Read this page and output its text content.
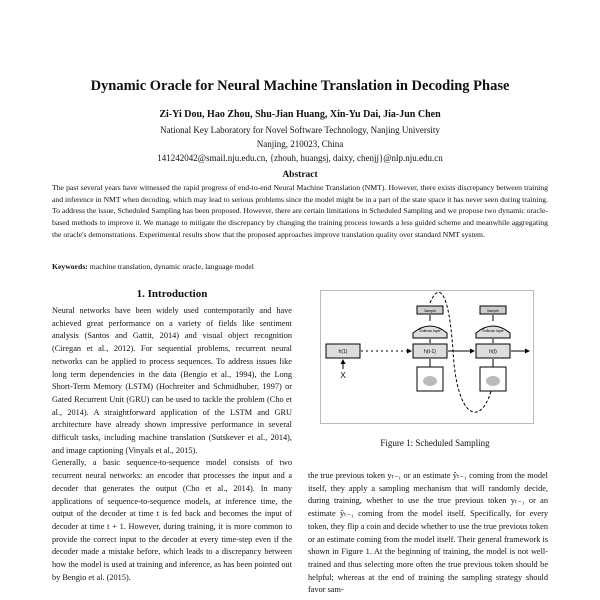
Dynamic Oracle for Neural Machine Translation in Decoding Phase
Zi-Yi Dou, Hao Zhou, Shu-Jian Huang, Xin-Yu Dai, Jia-Jun Chen
National Key Laboratory for Novel Software Technology, Nanjing University
Nanjing, 210023, China
141242042@smail.nju.edu.cn, {zhouh, huangsj, daixy, chenjj}@nlp.nju.edu.cn
Abstract
The past several years have witnessed the rapid progress of end-to-end Neural Machine Translation (NMT). However, there exists discrepancy between training and inference in NMT when decoding, which may lead to serious problems since the model might be in a part of the state space it has never seen during training. To address the issue, Scheduled Sampling has been proposed. However, there are certain limitations in Scheduled Sampling and we propose two dynamic oracle-based methods to improve it. We manage to mitigate the discrepancy by changing the training process towards a less guided scheme and meanwhile aggregating the oracle's demonstrations. Experimental results show that the proposed approaches improve translation quality over standard NMT system.
Keywords: machine translation, dynamic oracle, language model
1. Introduction

Neural networks have been widely used contemporarily and have achieved great performance on a variety of fields like sentiment analysis (Santos and Gattit, 2014) and visual object recognition (Ciregan et al., 2012). For sequential problems, recurrent neural networks can be applied to process sequences. To address issues like long term dependencies in the data (Bengio et al., 1994), the Long Short-Term Memory (LSTM) (Hochreiter and Schmidhuber, 1997) or Gated Recurrent Unit (GRU) can be used to tackle the problem (Cho et al., 2014). A straightforward application of the LSTM and GRU architecture have already shown impressive performance in several difficult tasks, including machine translation (Sutskever et al., 2014), and image captioning (Vinyals et al., 2015).

Generally, a basic sequence-to-sequence model consists of two recurrent neural networks: an encoder that processes the input and a decoder that generates the output (Cho et al., 2014). In many applications of sequence-to-sequence models, at inference time, the output of the decoder at time t is fed back and becomes the input of decoder at time t + 1. However, during training, it is more common to provide the correct input to the decoder at every time-step even if the decoder made a mistake before, which leads to a discrepancy between how the model is used at training and inference, as has been pointed out by Bengio et al. (2015).

h(1)
X
h(t-1)	h(t)
Softmax layer	Softmax layer
Sample	Sample
Figure 1: Scheduled Sampling

the true previous token yₜ₋₁ or an estimate ŷₜ₋₁ coming from the model itself, they apply a sampling mechanism that will randomly decide, during training, whether to use the true previous token yₜ₋₁ or an estimate ŷₜ₋₁ coming from the model itself. Specifically, for every token, they flip a coin and decide whether to use the true previous token or an estimate coming from the model itself. Their general framework is shown in Figure 1. At the beginning of training, the model is not well-trained and thus selecting more often the true previous token should be helpful; whereas at the end of training the sampling strategy should favor sam-
